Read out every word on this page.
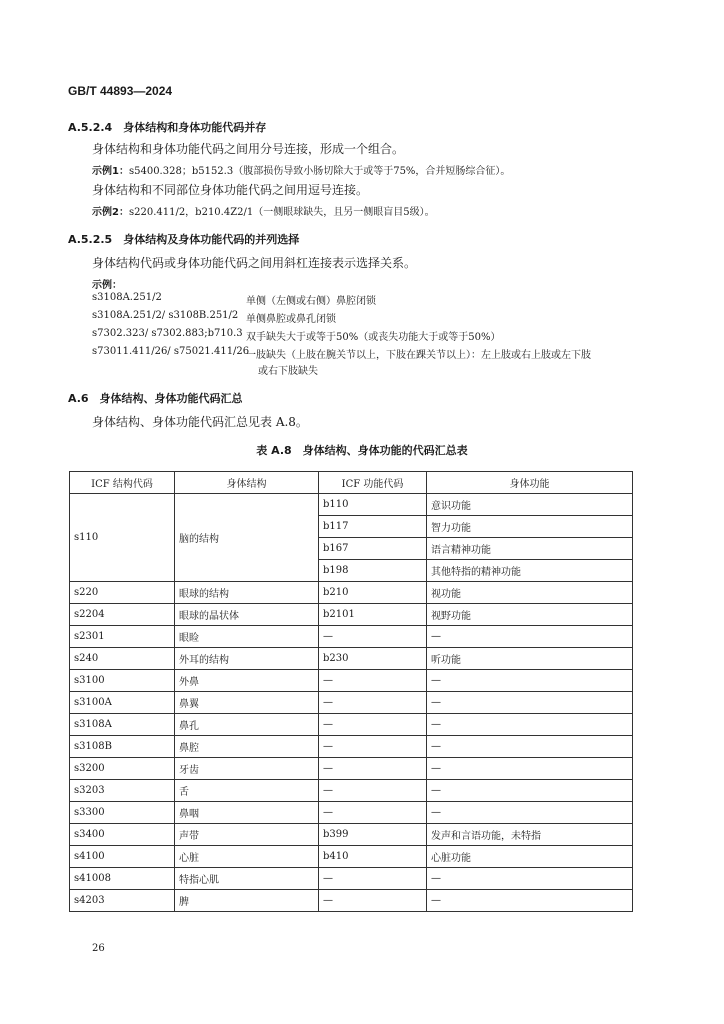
GB/T 44893—2024
A.5.2.4　身体结构和身体功能代码并存
身体结构和身体功能代码之间用分号连接，形成一个组合。
示例1：s5400.328；b5152.3（腹部损伤导致小肠切除大于或等于75%，合并短肠综合征）。
身体结构和不同部位身体功能代码之间用逗号连接。
示例2：s220.411/2，b210.4Z2/1（一侧眼球缺失，且另一侧眼盲目5级）。
A.5.2.5　身体结构及身体功能代码的并列选择
身体结构代码或身体功能代码之间用斜杠连接表示选择关系。
示例：
s3108A.251/2	单侧（左侧或右侧）鼻腔闭锁
s3108A.251/2/ s3108B.251/2 单侧鼻腔或鼻孔闭锁
s7302.323/ s7302.883;b710.3 双手缺失大于或等于50%（或丧失功能大于或等于50%）
s73011.411/26/ s75021.411/26
一肢缺失（上肢在腕关节以上，下肢在踝关节以上）：左上肢或右上肢或左下肢
或右下肢缺失
A.6　身体结构、身体功能代码汇总
身体结构、身体功能代码汇总见表 A.8。
表 A.8　身体结构、身体功能的代码汇总表
ICF 结构代码	身体结构	ICF 功能代码	身体功能
s110	脑的结构	b110	意识功能
		b117	智力功能
		b167	语言精神功能
		b198	其他特指的精神功能
s220	眼球的结构	b210	视功能
s2204	眼球的晶状体	b2101	视野功能
s2301	眼睑	—	—
s240	外耳的结构	b230	听功能
s3100	外鼻	—	—
s3100A	鼻翼	—	—
s3108A	鼻孔	—	—
s3108B	鼻腔	—	—
s3200	牙齿	—	—
s3203	舌	—	—
s3300	鼻咽	—	—
s3400	声带	b399	发声和言语功能，未特指
s4100	心脏	b410	心脏功能
s41008	特指心肌	—	—
s4203	脾	—	—
26
